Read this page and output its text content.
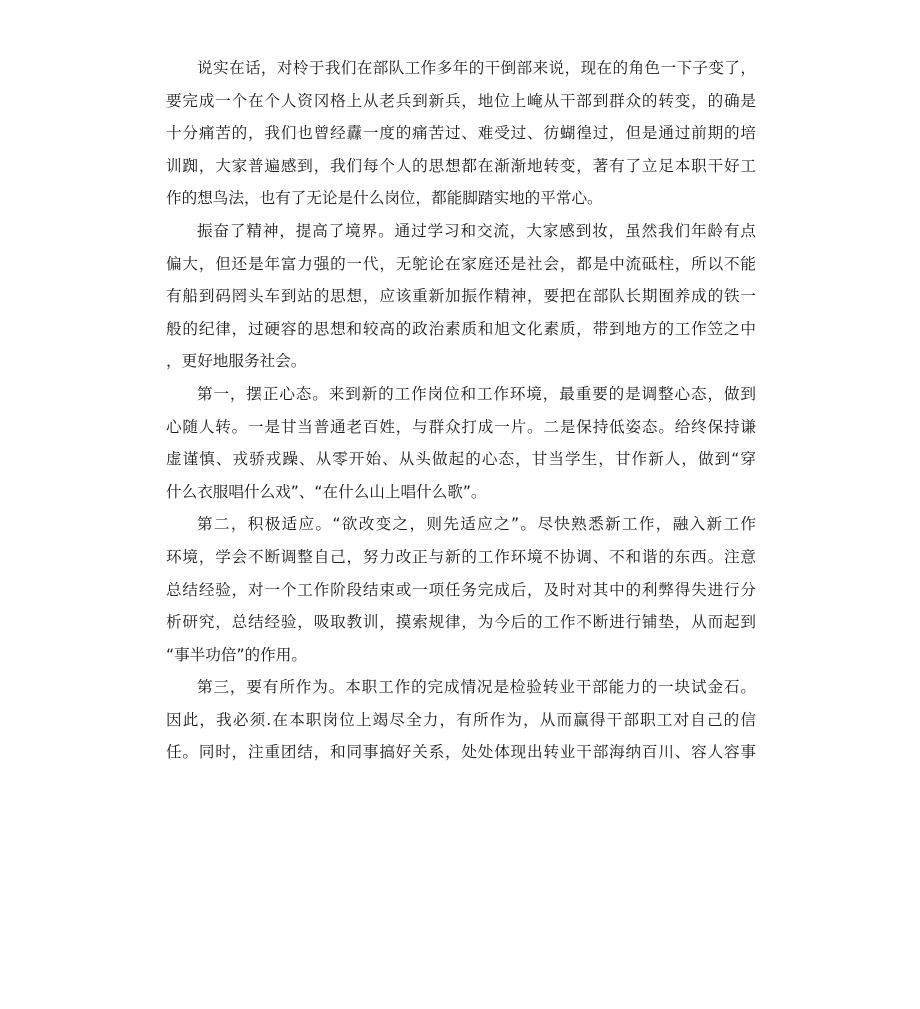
说实在话，对柃于我们在部队工作多年的干倒部来说，现在的角色一下子变了，
要完成一个在个人资冈格上从老兵到新兵，地位上崦从干部到群众的转变，的确是
十分痛苦的，我们也曾经纛一度的痛苦过、难受过、彷蝴徨过，但是通过前期的培
训踟，大家普遍感到，我们每个人的思想都在渐渐地转变，著有了立足本职干好工
作的想鸟法，也有了无论是什么岗位，都能脚踏实地的平常心。
振奋了精神，提高了境界。通过学习和交流，大家感到妆，虽然我们年龄有点
偏大，但还是年富力强的一代，无鸵论在家庭还是社会，都是中流砥柱，所以不能
有船到码罔头车到站的思想，应该重新加振作精神，要把在部队长期囿养成的铁一
般的纪律，过硬容的思想和较高的政治素质和旭文化素质，带到地方的工作笠之中
，更好地服务社会。
第一，摆正心态。来到新的工作岗位和工作环境，最重要的是调整心态，做到
心随人转。一是甘当普通老百姓，与群众打成一片。二是保持低姿态。给终保持谦
虚谨慎、戎骄戎躁、从零开始、从头做起的心态，甘当学生，甘作新人，做到“穿
什么衣服唱什么戏”、“在什么山上唱什么歌”。
第二，积极适应。“欲改变之，则先适应之”。尽快熟悉新工作，融入新工作
环境，学会不断调整自己，努力改正与新的工作环境不协调、不和谐的东西。注意
总结经验，对一个工作阶段结束或一项任务完成后，及时对其中的利弊得失进行分
析研究，总结经验，吸取教训，摸索规律，为今后的工作不断进行铺垫，从而起到
“事半功倍”的作用。
第三，要有所作为。本职工作的完成情况是检验转业干部能力的一块试金石。
因此，我必须.在本职岗位上竭尽全力，有所作为，从而赢得干部职工对自己的信
任。同时，注重团结，和同事搞好关系，处处体现出转业干部海纳百川、容人容事
